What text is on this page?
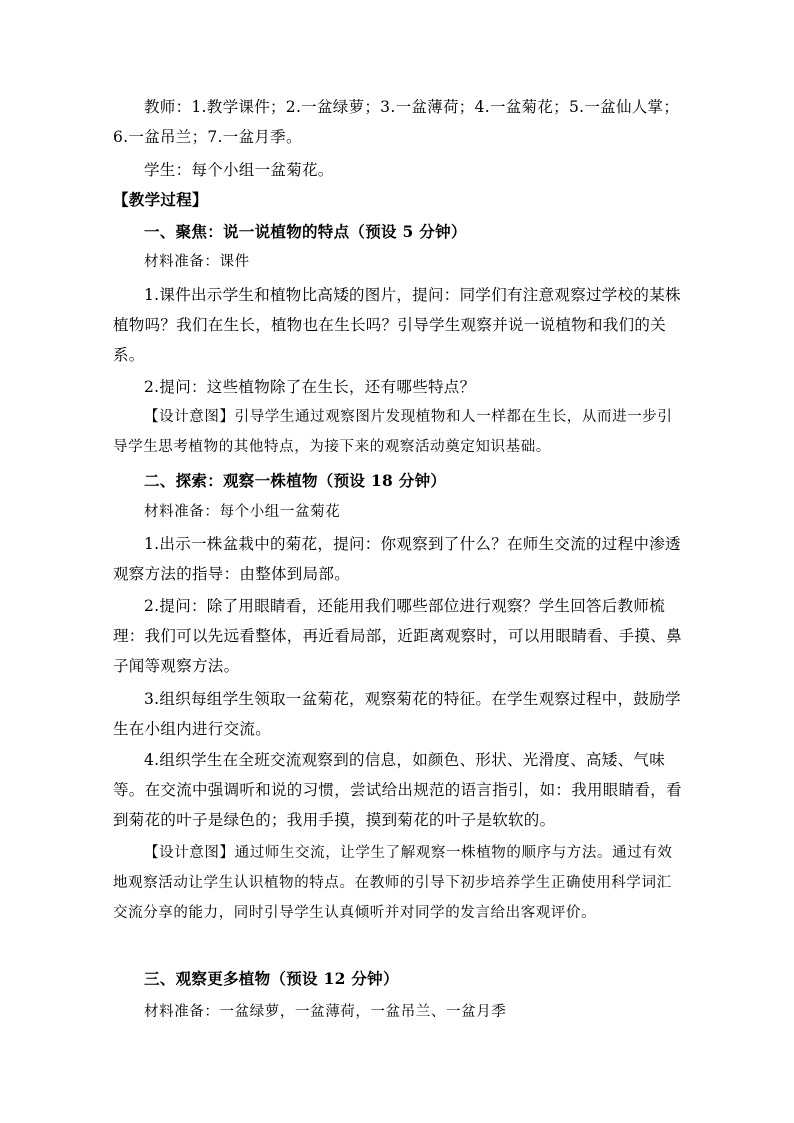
教师：1.教学课件；2.一盆绿萝；3.一盆薄荷；4.一盆菊花；5.一盆仙人掌；6.一盆吊兰；7.一盆月季。

学生：每个小组一盆菊花。

【教学过程】

一、聚焦：说一说植物的特点（预设 5 分钟）

材料准备：课件

1.课件出示学生和植物比高矮的图片，提问：同学们有注意观察过学校的某株植物吗？我们在生长，植物也在生长吗？引导学生观察并说一说植物和我们的关系。

2.提问：这些植物除了在生长，还有哪些特点？

【设计意图】引导学生通过观察图片发现植物和人一样都在生长，从而进一步引导学生思考植物的其他特点，为接下来的观察活动奠定知识基础。

二、探索：观察一株植物（预设 18 分钟）

材料准备：每个小组一盆菊花

1.出示一株盆栽中的菊花，提问：你观察到了什么？在师生交流的过程中渗透观察方法的指导：由整体到局部。

2.提问：除了用眼睛看，还能用我们哪些部位进行观察？学生回答后教师梳理：我们可以先远看整体，再近看局部，近距离观察时，可以用眼睛看、手摸、鼻子闻等观察方法。

3.组织每组学生领取一盆菊花，观察菊花的特征。在学生观察过程中，鼓励学生在小组内进行交流。

4.组织学生在全班交流观察到的信息，如颜色、形状、光滑度、高矮、气味等。在交流中强调听和说的习惯，尝试给出规范的语言指引，如：我用眼睛看，看到菊花的叶子是绿色的；我用手摸，摸到菊花的叶子是软软的。

【设计意图】通过师生交流，让学生了解观察一株植物的顺序与方法。通过有效地观察活动让学生认识植物的特点。在教师的引导下初步培养学生正确使用科学词汇交流分享的能力，同时引导学生认真倾听并对同学的发言给出客观评价。

三、观察更多植物（预设 12 分钟）

材料准备：一盆绿萝，一盆薄荷，一盆吊兰、一盆月季
